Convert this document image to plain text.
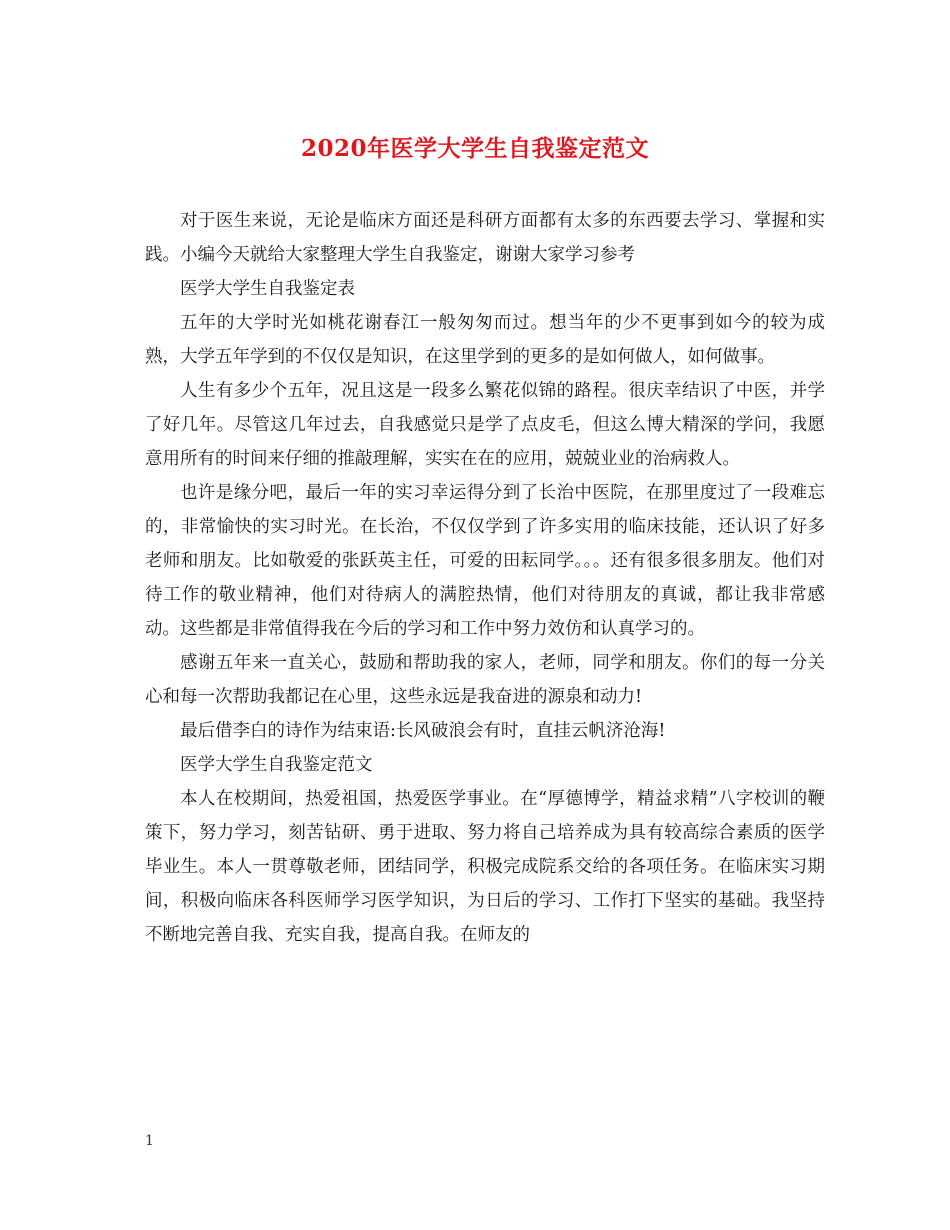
2020年医学大学生自我鉴定范文

对于医生来说，无论是临床方面还是科研方面都有太多的东西要去学习、掌握和实践。小编今天就给大家整理大学生自我鉴定，谢谢大家学习参考

医学大学生自我鉴定表

五年的大学时光如桃花谢春江一般匆匆而过。想当年的少不更事到如今的较为成熟，大学五年学到的不仅仅是知识，在这里学到的更多的是如何做人，如何做事。

人生有多少个五年，况且这是一段多么繁花似锦的路程。很庆幸结识了中医，并学了好几年。尽管这几年过去，自我感觉只是学了点皮毛，但这么博大精深的学问，我愿意用所有的时间来仔细的推敲理解，实实在在的应用，兢兢业业的治病救人。

也许是缘分吧，最后一年的实习幸运得分到了长治中医院，在那里度过了一段难忘的，非常愉快的实习时光。在长治，不仅仅学到了许多实用的临床技能，还认识了好多老师和朋友。比如敬爱的张跃英主任，可爱的田耘同学。。。还有很多很多朋友。他们对待工作的敬业精神，他们对待病人的满腔热情，他们对待朋友的真诚，都让我非常感动。这些都是非常值得我在今后的学习和工作中努力效仿和认真学习的。

感谢五年来一直关心，鼓励和帮助我的家人，老师，同学和朋友。你们的每一分关心和每一次帮助我都记在心里，这些永远是我奋进的源泉和动力!

最后借李白的诗作为结束语:长风破浪会有时，直挂云帆济沧海!

医学大学生自我鉴定范文

本人在校期间，热爱祖国，热爱医学事业。在“厚德博学，精益求精”八字校训的鞭策下，努力学习，刻苦钻研、勇于进取、努力将自己培养成为具有较高综合素质的医学毕业生。本人一贯尊敬老师，团结同学，积极完成院系交给的各项任务。在临床实习期间，积极向临床各科医师学习医学知识，为日后的学习、工作打下坚实的基础。我坚持不断地完善自我、充实自我，提高自我。在师友的

1
